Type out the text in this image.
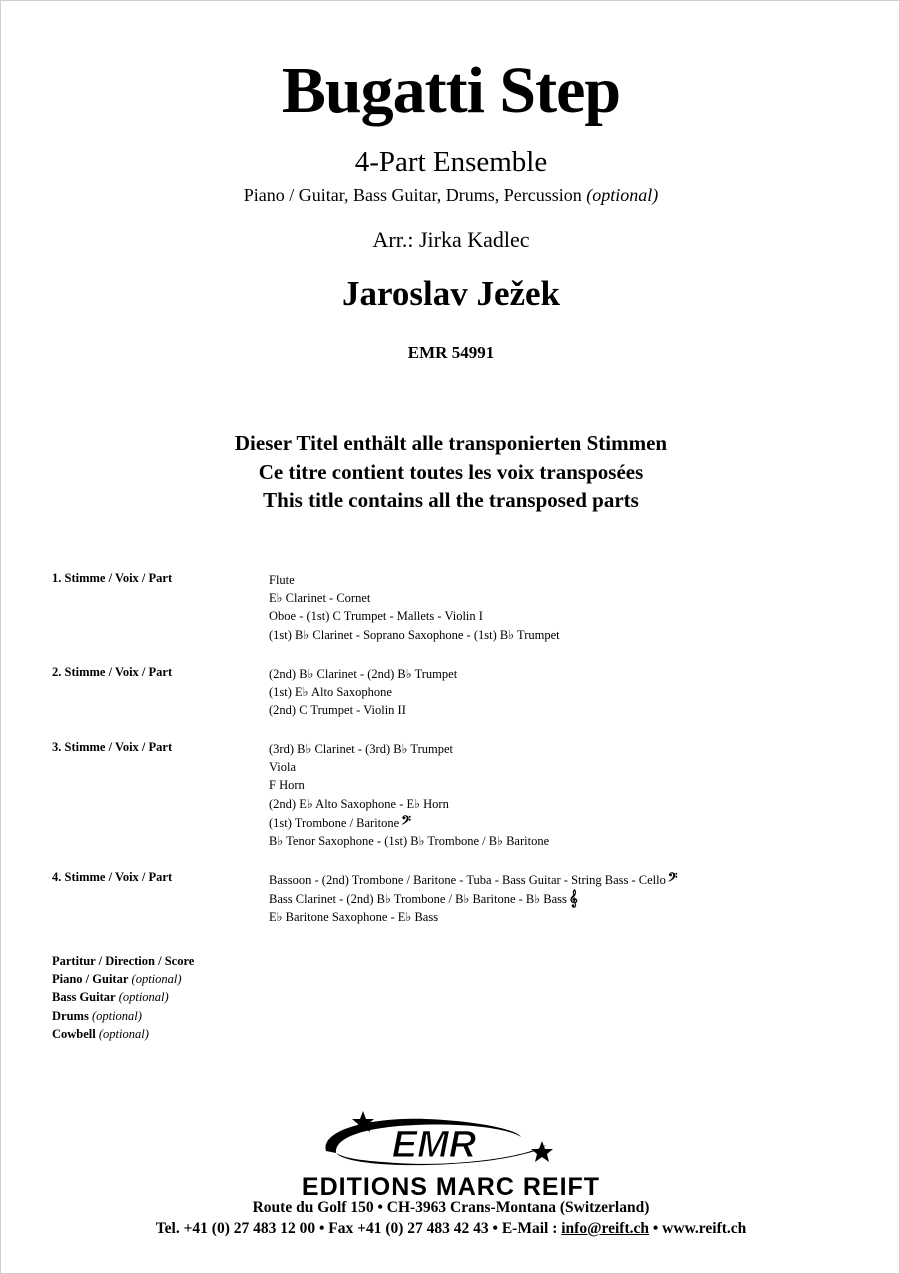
Bugatti Step
4-Part Ensemble
Piano / Guitar, Bass Guitar, Drums, Percussion (optional)
Arr.: Jirka Kadlec
Jaroslav Ježek
EMR 54991
Dieser Titel enthält alle transponierten Stimmen
Ce titre contient toutes les voix transposées
This title contains all the transposed parts
1. Stimme / Voix / Part	Flute
E♭ Clarinet - Cornet
Oboe - (1st) C Trumpet - Mallets - Violin I
(1st) B♭ Clarinet - Soprano Saxophone - (1st) B♭ Trumpet
2. Stimme / Voix / Part	(2nd) B♭ Clarinet - (2nd) B♭ Trumpet
(1st) E♭ Alto Saxophone
(2nd) C Trumpet - Violin II
3. Stimme / Voix / Part	(3rd) B♭ Clarinet - (3rd) B♭ Trumpet
Viola
F Horn
(2nd) E♭ Alto Saxophone - E♭ Horn
(1st) Trombone / Baritone 𝄢
B♭ Tenor Saxophone - (1st) B♭ Trombone / B♭ Baritone
4. Stimme / Voix / Part	Bassoon - (2nd) Trombone / Baritone - Tuba - Bass Guitar - String Bass - Cello 𝄢
Bass Clarinet - (2nd) B♭ Trombone / B♭ Baritone - B♭ Bass 𝄞
E♭ Baritone Saxophone - E♭ Bass
Partitur / Direction / Score
Piano / Guitar (optional)
Bass Guitar (optional)
Drums (optional)
Cowbell (optional)
EMR
EDITIONS MARC REIFT
Route du Golf 150 • CH-3963 Crans-Montana (Switzerland)
Tel. +41 (0) 27 483 12 00 • Fax +41 (0) 27 483 42 43 • E-Mail : info@reift.ch • www.reift.ch
